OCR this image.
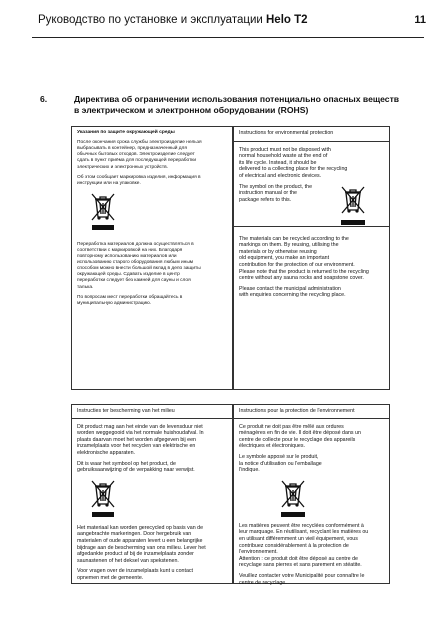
Руководство по установке и эксплуатации Helo T2	11
6.	Директива об ограничении использования потенциально опасных веществ в электрическом и электронном оборудовании (ROHS)
Указания по защите окружающей среды
После окончания срока службы электроизделие нельзя
выбрасывать в контейнер, предназначенный для
обычных бытовых отходов. Электроизделие следует
сдать в пункт приёма для последующей переработки
электрических и электронных устройств.
Об этом сообщает маркировка изделия, информация в
инструкции или на упаковке.
Переработка материалов должна осуществляться в
соответствии с маркировкой на них. Благодаря
повторному использованию материалов или
использованию старого оборудования любым иным
способом можно внести большой вклад в дело защиты
окружающей среды. Сдавать изделие в центр
переработки следует без камней для сауны и слоя
талька.
По вопросам мест переработки обращайтесь в
муниципальную администрацию.
Instructions for environmental protection
This product must not be disposed with
normal household waste at the end of
its life cycle. Instead, it should be
delivered to a collecting place for the recycling
of electrical and electronic devices.
The symbol on the product, the
instruction manual or the
package refers to this.
The materials can be recycled according to the
markings on them. By reusing, utilising the
materials or by otherwise reusing
old equipment, you make an important
contribution for the protection of our environment.
Please note that the product is returned to the recycling
centre without any sauna rocks and soapstone cover.
Please contact the municipal administration
with enquiries concerning the recycling place.
Instructies ter bescherming van het milieu
Dit product mag aan het einde van de levensduur niet
worden weggegooid via het normale huishoudafval. In
plaats daarvan moet het worden afgegeven bij een
inzamelplaats voor het recyclen van elektrische en
elektronische apparaten.
Dit is waar het symbool op het product, de
gebruiksaanwijzing of de verpakking naar verwijst.
Het materiaal kan worden gerecycled op basis van de
aangebrachte markeringen. Door hergebruik van
materialen of oude apparaten levert u een belangrijke
bijdrage aan de bescherming van ons milieu. Lever het
afgedankte product af bij de inzamelplaats zonder
saunastenen of het deksel van spekstenen.
Voor vragen over de inzamelplaats kunt u contact
opnemen met de gemeente.
Instructions pour la protection de l'environnement
Ce produit ne doit pas être mêlé aux ordures
ménagères en fin de vie. Il doit être déposé dans un
centre de collecte pour le recyclage des appareils
électriques et électroniques.
Le symbole apposé sur le produit,
la notice d'utilisation ou l'emballage
l'indique.
Les matières peuvent être recyclées conformément à
leur marquage. En réutilisant, recyclant les matières ou
en utilisant différemment un vieil équipement, vous
contribuez considérablement à la protection de
l'environnement.
Attention : ce produit doit être déposé au centre de
recyclage sans pierres et sans parement en stéatite.
Veuillez contacter votre Municipalité pour connaître le
centre de recyclage.
